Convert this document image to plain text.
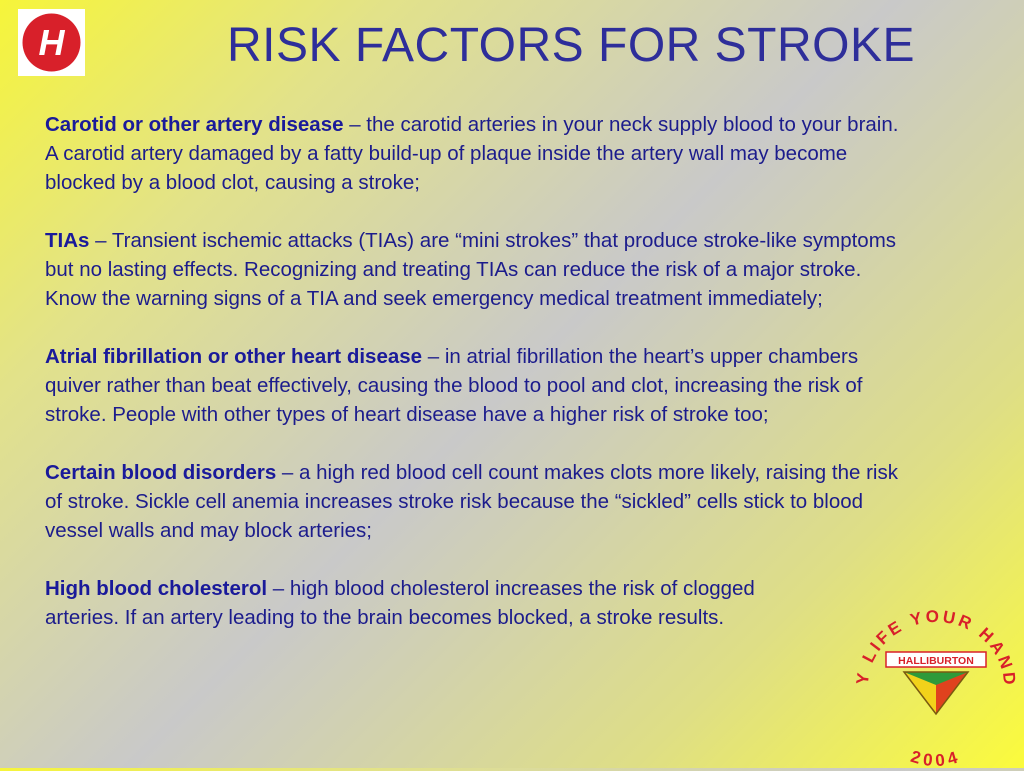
H	RISK FACTORS FOR STROKE

Carotid or other artery disease – the carotid arteries in your neck supply blood to your brain. A carotid artery damaged by a fatty build-up of plaque inside the artery wall may become blocked by a blood clot, causing a stroke;

TIAs – Transient ischemic attacks (TIAs) are “mini strokes” that produce stroke-like symptoms but no lasting effects. Recognizing and treating TIAs can reduce the risk of a major stroke. Know the warning signs of a TIA and seek emergency medical treatment immediately;

Atrial fibrillation or other heart disease – in atrial fibrillation the heart’s upper chambers quiver rather than beat effectively, causing the blood to pool and clot, increasing the risk of stroke. People with other types of heart disease have a higher risk of stroke too;

Certain blood disorders – a high red blood cell count makes clots more likely, raising the risk of stroke. Sickle cell anemia increases stroke risk because the “sickled” cells stick to blood vessel walls and may block arteries;

High blood cholesterol – high blood cholesterol increases the risk of clogged arteries. If an artery leading to the brain becomes blocked, a stroke results.

Y LIFE YOUR HAND
2004
HALLIBURTON
